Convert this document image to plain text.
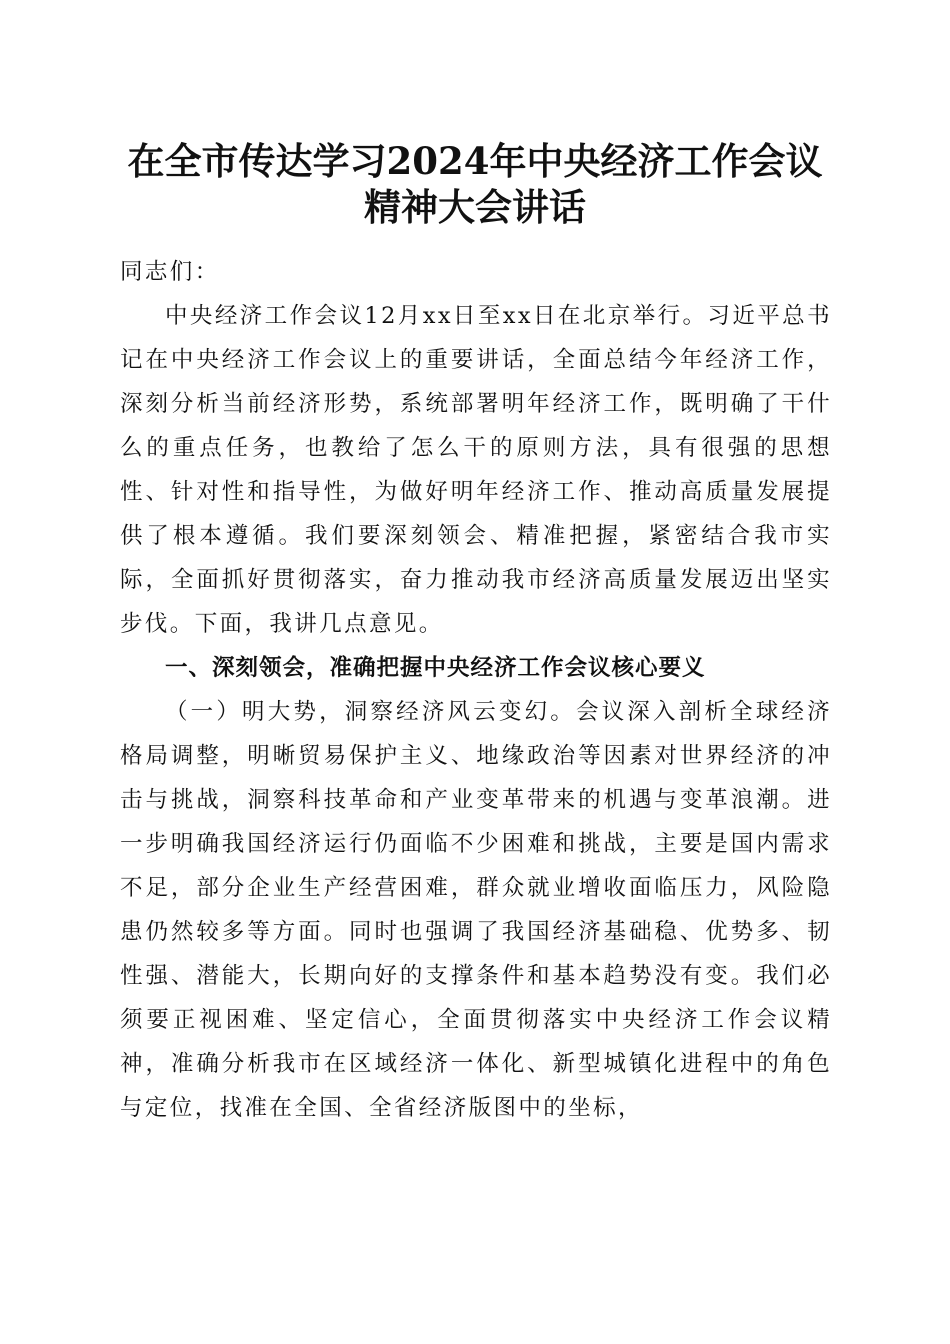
在全市传达学习2024年中央经济工作会议精神大会讲话

同志们：

中央经济工作会议12月xx日至xx日在北京举行。习近平总书记在中央经济工作会议上的重要讲话，全面总结今年经济工作，深刻分析当前经济形势，系统部署明年经济工作，既明确了干什么的重点任务，也教给了怎么干的原则方法，具有很强的思想性、针对性和指导性，为做好明年经济工作、推动高质量发展提供了根本遵循。我们要深刻领会、精准把握，紧密结合我市实际，全面抓好贯彻落实，奋力推动我市经济高质量发展迈出坚实步伐。下面，我讲几点意见。

一、深刻领会，准确把握中央经济工作会议核心要义

（一）明大势，洞察经济风云变幻。会议深入剖析全球经济格局调整，明晰贸易保护主义、地缘政治等因素对世界经济的冲击与挑战，洞察科技革命和产业变革带来的机遇与变革浪潮。进一步明确我国经济运行仍面临不少困难和挑战，主要是国内需求不足，部分企业生产经营困难，群众就业增收面临压力，风险隐患仍然较多等方面。同时也强调了我国经济基础稳、优势多、韧性强、潜能大，长期向好的支撑条件和基本趋势没有变。我们必须要正视困难、坚定信心，全面贯彻落实中央经济工作会议精神，准确分析我市在区域经济一体化、新型城镇化进程中的角色与定位，找准在全国、全省经济版图中的坐标，
